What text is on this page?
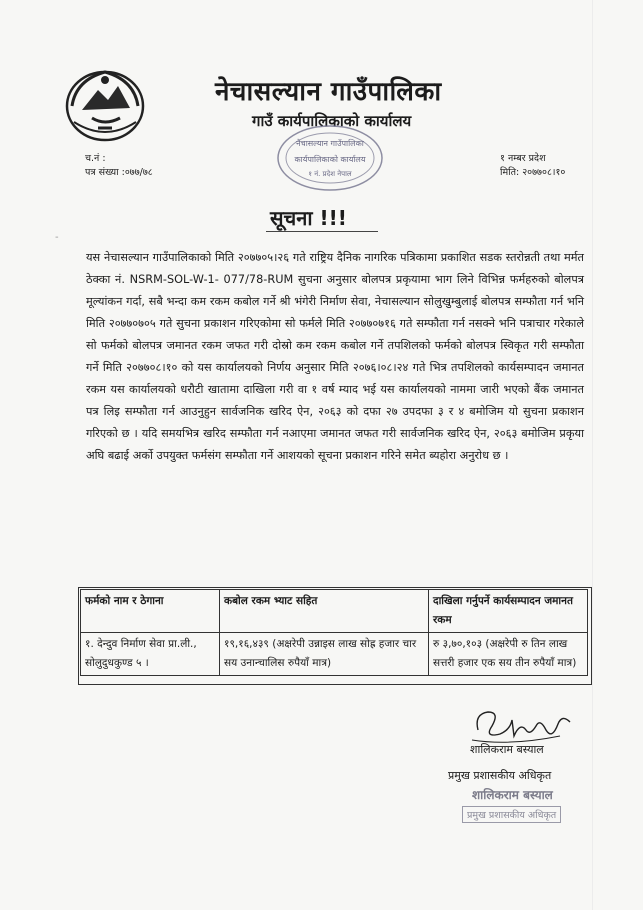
नेचासल्यान गाउँपालिका
गाउँ कार्यपालिकाको कार्यालय
नेचासल्यान गाउँपालिका
कार्यपालिकाको कार्यालय
१ नं. प्रदेश नेपाल
च.नं :
पत्र संख्या :०७७/७८
१ नम्बर प्रदेश
मिति: २०७७०८।१०
सूचना !!!
-
यस नेचासल्यान गाउँपालिकाको मिति २०७७०५।२६ गते राष्ट्रिय दैनिक नागरिक पत्रिकामा प्रकाशित सडक स्तरोन्नती तथा मर्मत ठेक्का नं. NSRM-SOL-W-1- 077/78-RUM सुचना अनुसार बोलपत्र प्रकृयामा भाग लिने विभिन्न फर्महरुको बोलपत्र मूल्यांकन गर्दा, सबै भन्दा कम रकम कबोल गर्ने श्री भंगेरी निर्माण सेवा, नेचासल्यान सोलुखुम्बुलाई बोलपत्र सम्फौता गर्न भनि मिति २०७७०७०५ गते सुचना प्रकाशन गरिएकोमा सो फर्मले मिति २०७७०७१६ गते सम्फौता गर्न नसक्ने भनि पत्राचार गरेकाले सो फर्मको बोलपत्र जमानत रकम जफत गरी दोस्रो कम रकम कबोल गर्ने तपशिलको फर्मको बोलपत्र स्विकृत गरी सम्फौता गर्ने मिति २०७७०८।१० को यस कार्यालयको निर्णय अनुसार मिति २०७६।०८।२४ गते भित्र तपशिलको कार्यसम्पादन जमानत रकम यस कार्यालयको धरौटी खातामा दाखिला गरी वा १ वर्ष म्याद भई यस कार्यालयको नाममा जारी भएको बैंक जमानत पत्र लिइ सम्फौता गर्न आउनुहुन सार्वजनिक खरिद ऐन, २०६३ को दफा २७ उपदफा ३ र ४ बमोजिम यो सुचना प्रकाशन गरिएको छ । यदि समयभित्र खरिद सम्फौता गर्न नआएमा जमानत जफत गरी सार्वजनिक खरिद ऐन, २०६३ बमोजिम प्रकृया अघि बढाई अर्को उपयुक्त फर्मसंग सम्फौता गर्ने आशयको सूचना प्रकाशन गरिने समेत ब्यहोरा अनुरोध छ ।
फर्मको नाम र ठेगाना	कबोल रकम भ्याट सहित	दाखिला गर्नुपर्ने कार्यसम्पादन जमानत रकम
१. देन्दुव निर्माण सेवा प्रा.ली., सोलुदुधकुण्ड ५ ।	१९,१६,४३९ (अक्षरेपी उन्नाइस लाख सोह्र हजार चार सय उनान्चालिस रुपैयाँ मात्र)	रु ३,७०,१०३ (अक्षरेपी रु तिन लाख सत्तरी हजार एक सय तीन रुपैयाँ मात्र)
शालिकराम बस्याल
प्रमुख प्रशासकीय अधिकृत
शालिकराम बस्याल
प्रमुख प्रशासकीय अधिकृत
